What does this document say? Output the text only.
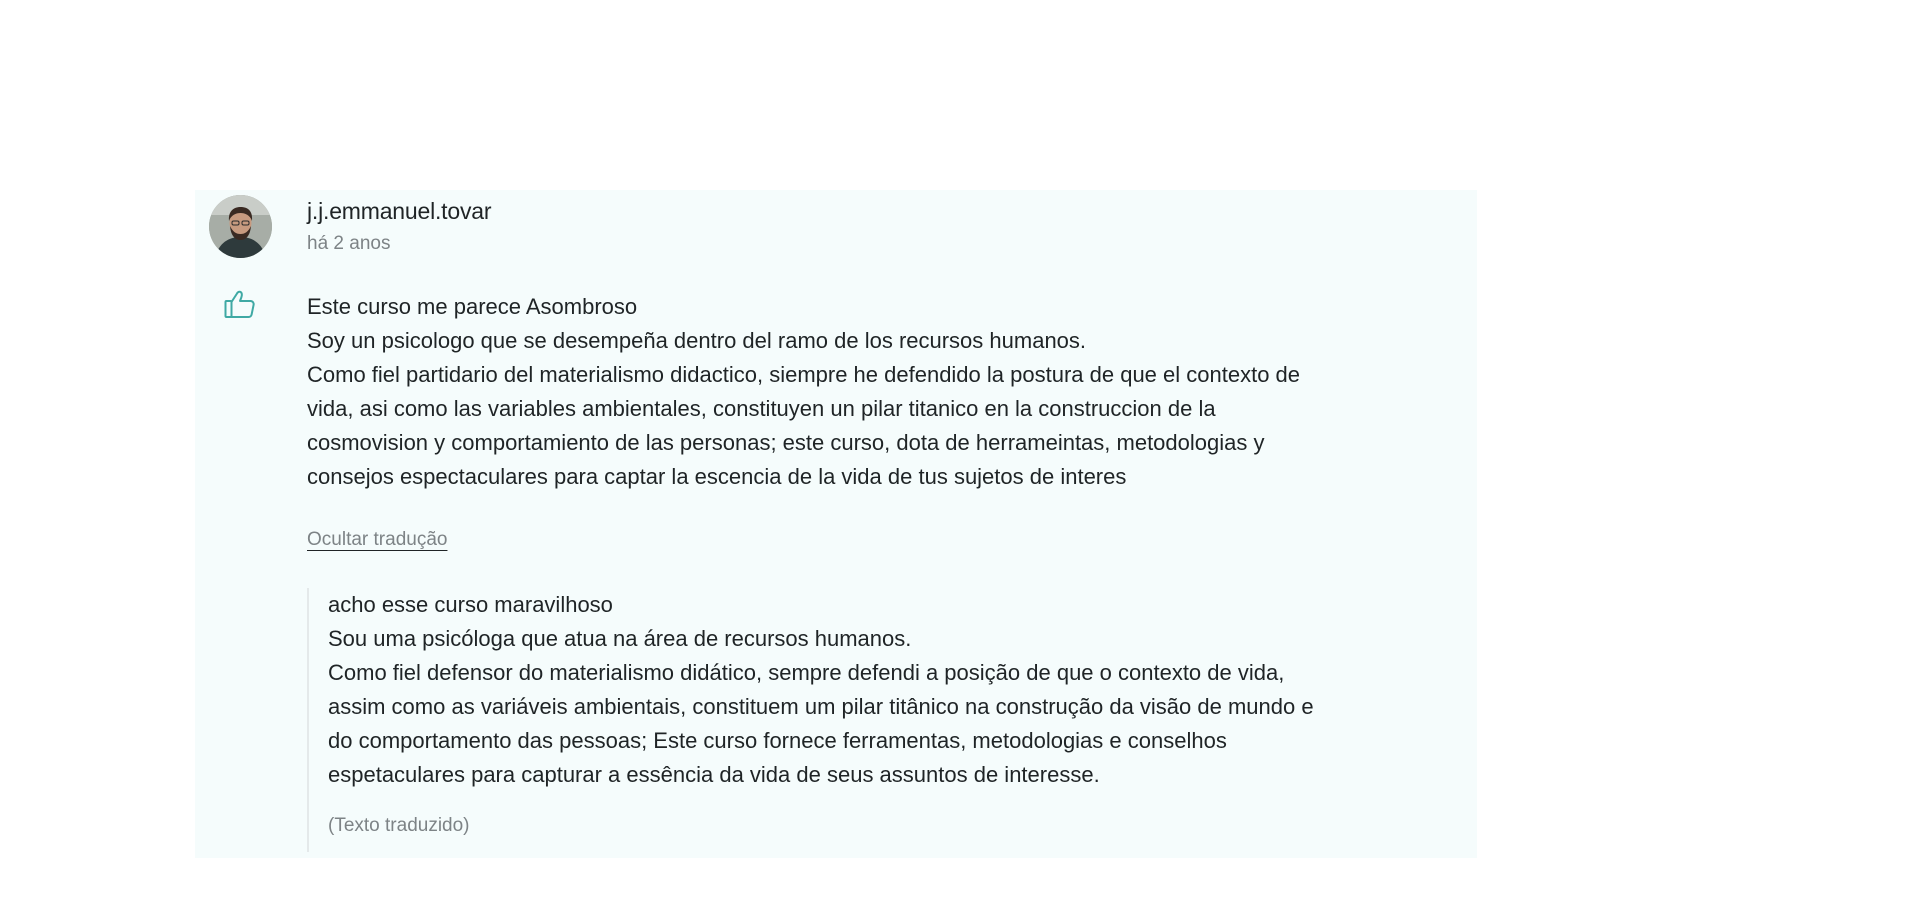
j.j.emmanuel.tovar
há 2 anos
Este curso me parece Asombroso
Soy un psicologo que se desempeña dentro del ramo de los recursos humanos.
Como fiel partidario del materialismo didactico, siempre he defendido la postura de que el contexto de
vida, asi como las variables ambientales, constituyen un pilar titanico en la construccion de la
cosmovision y comportamiento de las personas; este curso, dota de herrameintas, metodologias y
consejos espectaculares para captar la escencia de la vida de tus sujetos de interes
Ocultar tradução
acho esse curso maravilhoso
Sou uma psicóloga que atua na área de recursos humanos.
Como fiel defensor do materialismo didático, sempre defendi a posição de que o contexto de vida,
assim como as variáveis ambientais, constituem um pilar titânico na construção da visão de mundo e
do comportamento das pessoas; Este curso fornece ferramentas, metodologias e conselhos
espetaculares para capturar a essência da vida de seus assuntos de interesse.
(Texto traduzido)
